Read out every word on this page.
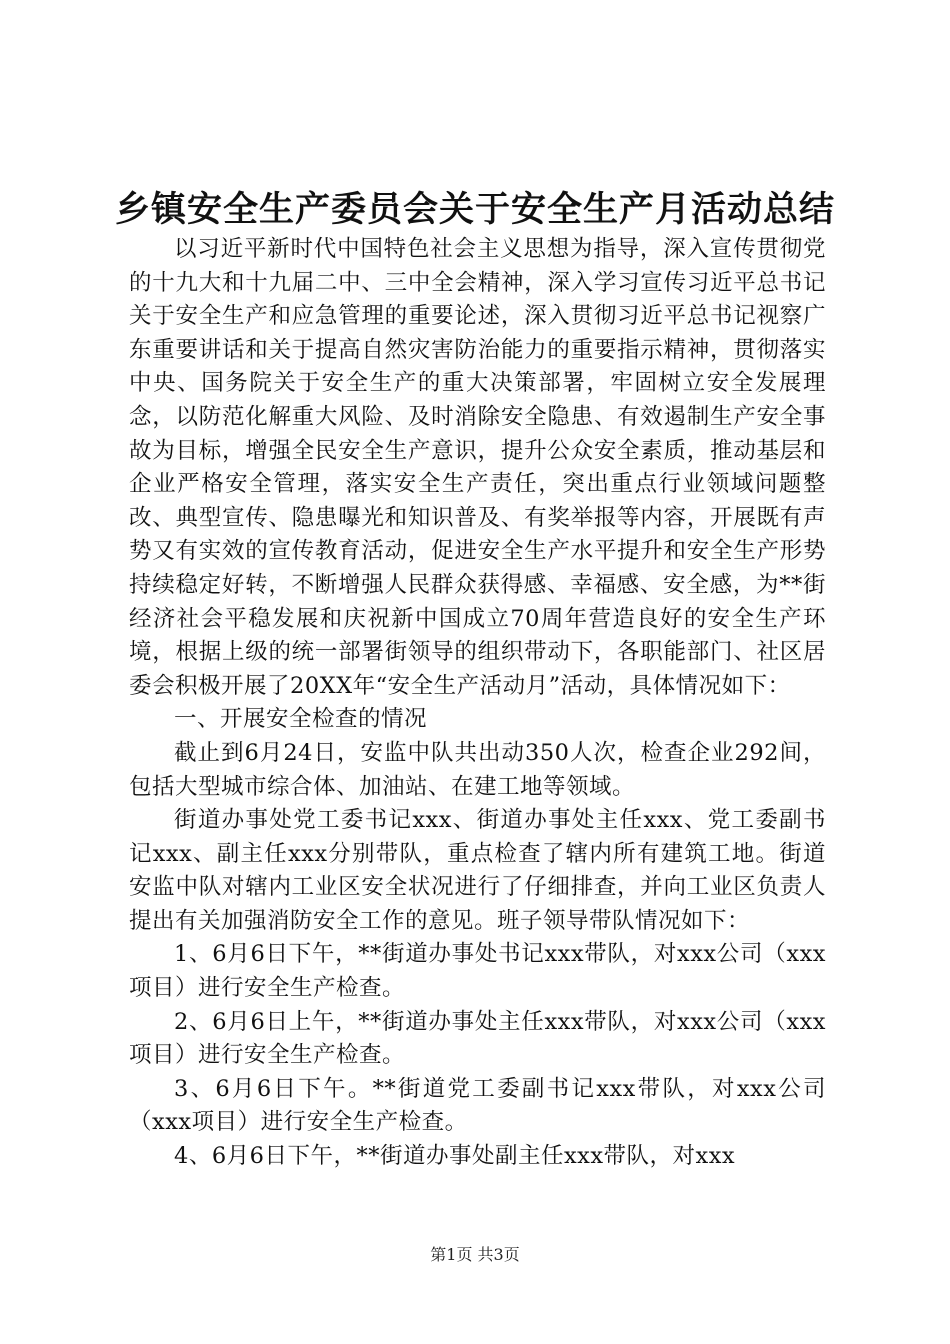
乡镇安全生产委员会关于安全生产月活动总结

以习近平新时代中国特色社会主义思想为指导，深入宣传贯彻党的十九大和十九届二中、三中全会精神，深入学习宣传习近平总书记关于安全生产和应急管理的重要论述，深入贯彻习近平总书记视察广东重要讲话和关于提高自然灾害防治能力的重要指示精神，贯彻落实中央、国务院关于安全生产的重大决策部署，牢固树立安全发展理念，以防范化解重大风险、及时消除安全隐患、有效遏制生产安全事故为目标，增强全民安全生产意识，提升公众安全素质，推动基层和企业严格安全管理，落实安全生产责任，突出重点行业领域问题整改、典型宣传、隐患曝光和知识普及、有奖举报等内容，开展既有声势又有实效的宣传教育活动，促进安全生产水平提升和安全生产形势持续稳定好转，不断增强人民群众获得感、幸福感、安全感，为**街经济社会平稳发展和庆祝新中国成立70周年营造良好的安全生产环境，根据上级的统一部署街领导的组织带动下，各职能部门、社区居委会积极开展了20XX年“安全生产活动月”活动，具体情况如下：

一、开展安全检查的情况

截止到6月24日，安监中队共出动350人次，检查企业292间，包括大型城市综合体、加油站、在建工地等领域。

街道办事处党工委书记xxx、街道办事处主任xxx、党工委副书记xxx、副主任xxx分别带队，重点检查了辖内所有建筑工地。街道安监中队对辖内工业区安全状况进行了仔细排查，并向工业区负责人提出有关加强消防安全工作的意见。班子领导带队情况如下：

1、6月6日下午，**街道办事处书记xxx带队，对xxx公司（xxx项目）进行安全生产检查。

2、6月6日上午，**街道办事处主任xxx带队，对xxx公司（xxx项目）进行安全生产检查。

3、6月6日下午。**街道党工委副书记xxx带队，对xxx公司（xxx项目）进行安全生产检查。

4、6月6日下午，**街道办事处副主任xxx带队，对xxx

第1页 共3页
